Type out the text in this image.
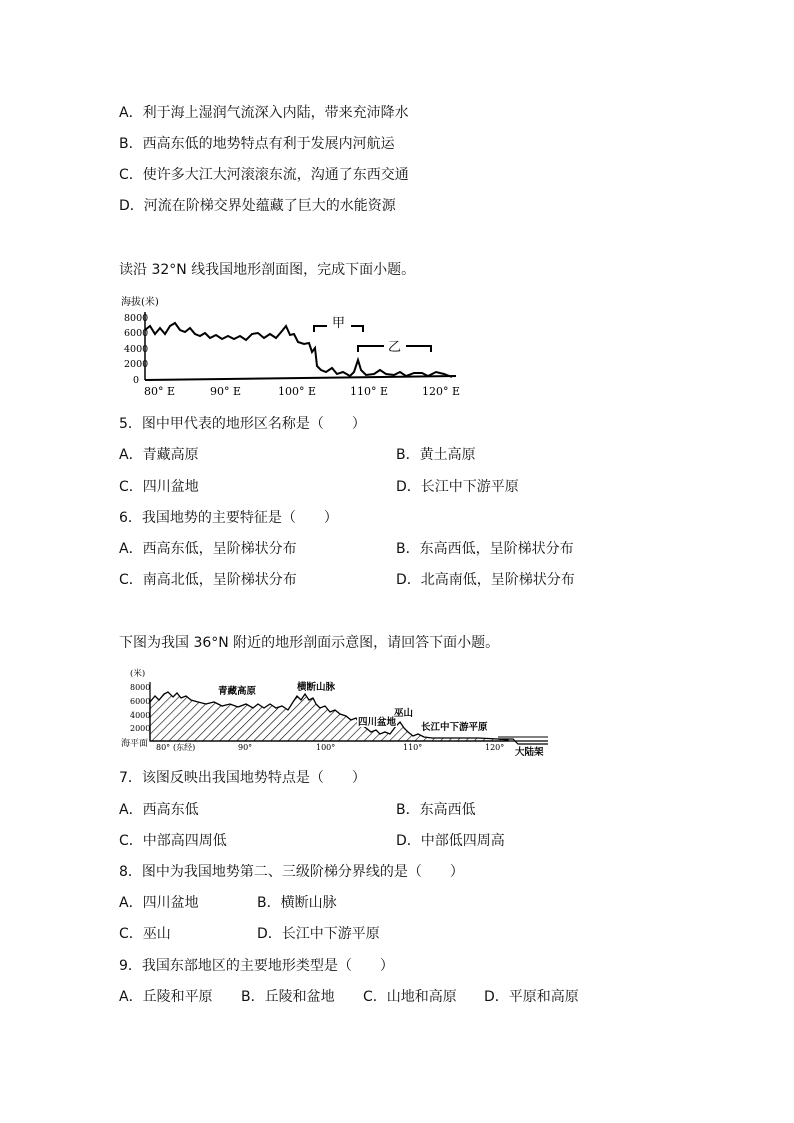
A．利于海上湿润气流深入内陆，带来充沛降水
B．西高东低的地势特点有利于发展内河航运
C．使许多大江大河滚滚东流，沟通了东西交通
D．河流在阶梯交界处蕴藏了巨大的水能资源
读沿 32°N 线我国地形剖面图，完成下面小题。
海拔(米)
8000
6000
4000
2000
0
甲
乙
80° E	90° E	100° E	110° E	120° E
5．图中甲代表的地形区名称是（　　）
A．青藏高原	B．黄土高原
C．四川盆地	D．长江中下游平原
6．我国地势的主要特征是（　　）
A．西高东低，呈阶梯状分布	B．东高西低，呈阶梯状分布
C．南高北低，呈阶梯状分布	D．北高南低，呈阶梯状分布
下图为我国 36°N 附近的地形剖面示意图，请回答下面小题。
(米)
8000
6000
4000
2000
海平面
青藏高原	横断山脉
四川盆地
巫山
长江中下游平原
大陆架
80° (东经)	90°	100°	110°	120°
7．该图反映出我国地势特点是（　　）
A．西高东低	B．东高西低
C．中部高四周低	D．中部低四周高
8．图中为我国地势第二、三级阶梯分界线的是（　　）
A．四川盆地	B．横断山脉
C．巫山	D．长江中下游平原
9．我国东部地区的主要地形类型是（　　）
A．丘陵和平原 B．丘陵和盆地 C．山地和高原 D．平原和高原
